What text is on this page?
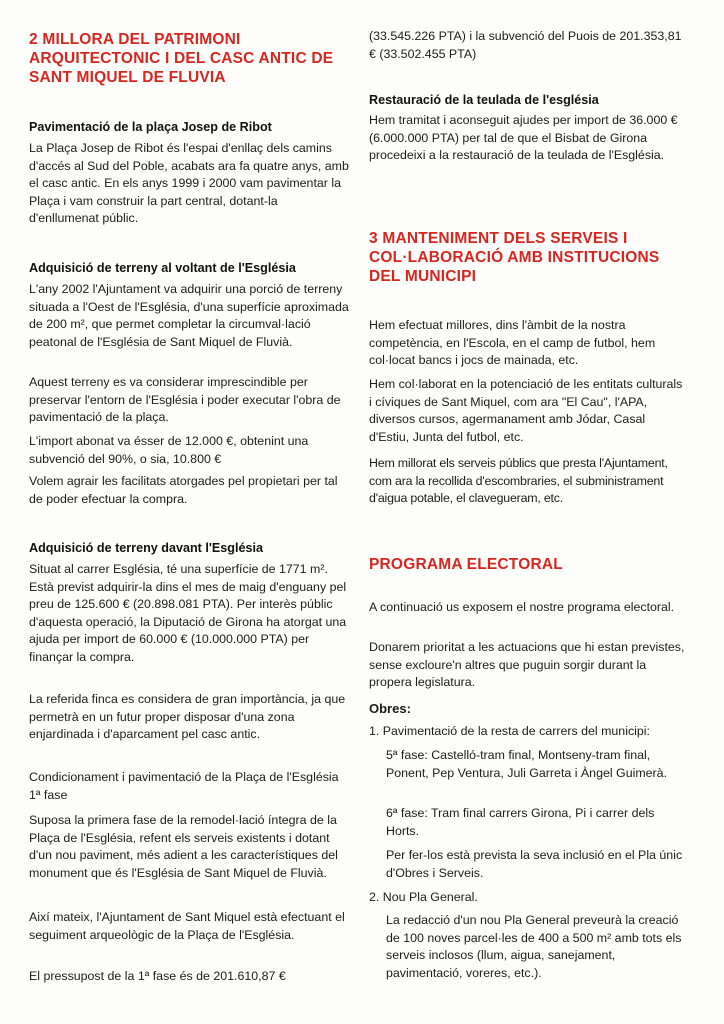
2 MILLORA DEL PATRIMONI ARQUITECTONIC I DEL CASC ANTIC DE SANT MIQUEL DE FLUVIA
Pavimentació de la plaça Josep de Ribot
La Plaça Josep de Ribot és l'espai d'enllaç dels camins d'accés al Sud del Poble, acabats ara fa quatre anys, amb el casc antic. En els anys 1999 i 2000 vam pavimentar la Plaça i vam construir la part central, dotant-la d'enllumenat públic.
Adquisició de terreny al voltant de l'Església
L'any 2002 l'Ajuntament va adquirir una porció de terreny situada a l'Oest de l'Església, d'una superfície aproximada de 200 m², que permet completar la circumval·lació peatonal de l'Església de Sant Miquel de Fluvià.
Aquest terreny es va considerar imprescindible per preservar l'entorn de l'Església i poder executar l'obra de pavimentació de la plaça.
L'import abonat va ésser de 12.000 €, obtenint una subvenció del 90%, o sia, 10.800 €
Volem agrair les facilitats atorgades pel propietari per tal de poder efectuar la compra.
Adquisició de terreny davant l'Església
Situat al carrer Església, té una superfície de 1771 m². Està previst adquirir-la dins el mes de maig d'enguany pel preu de 125.600 € (20.898.081 PTA). Per interès públic d'aquesta operació, la Diputació de Girona ha atorgat una ajuda per import de 60.000 € (10.000.000 PTA) per finançar la compra.
La referida finca es considera de gran importància, ja que permetrà en un futur proper disposar d'una zona enjardinada i d'aparcament pel casc antic.
Condicionament i pavimentació de la Plaça de l'Església 1ª fase
Suposa la primera fase de la remodel·lació íntegra de la Plaça de l'Església, refent els serveis existents i dotant d'un nou paviment, més adient a les característiques del monument que és l'Església de Sant Miquel de Fluvià.
Així mateix, l'Ajuntament de Sant Miquel està efectuant el seguiment arqueològic de la Plaça de l'Església.
El pressupost de la 1ª fase és de 201.610,87 €
(33.545.226 PTA) i la subvenció del Puois de 201.353,81 € (33.502.455 PTA)
Restauració de la teulada de l'església
Hem tramitat i aconseguit ajudes per import de 36.000 € (6.000.000 PTA) per tal de que el Bisbat de Girona procedeixi a la restauració de la teulada de l'Església.
3 MANTENIMENT DELS SERVEIS I COL·LABORACIÓ AMB INSTITUCIONS DEL MUNICIPI
Hem efectuat millores, dins l'àmbit de la nostra competència, en l'Escola, en el camp de futbol, hem col·locat bancs i jocs de mainada, etc.
Hem col·laborat en la potenciació de les entitats culturals i cíviques de Sant Miquel, com ara "El Cau", l'APA, diversos cursos, agermanament amb Jódar, Casal d'Estiu, Junta del futbol, etc.
Hem millorat els serveis públics que presta l'Ajuntament, com ara la recollida d'escombraries, el subministrament d'aigua potable, el clavegueram, etc.
PROGRAMA ELECTORAL
A continuació us exposem el nostre programa electoral.
Donarem prioritat a les actuacions que hi estan previstes, sense excloure'n altres que puguin sorgir durant la propera legislatura.
Obres:
1. Pavimentació de la resta de carrers del municipi:
5ª fase: Castelló-tram final, Montseny-tram final, Ponent, Pep Ventura, Juli Garreta i Àngel Guimerà.
6ª fase: Tram final carrers Girona, Pi i carrer dels Horts.
Per fer-los està prevista la seva inclusió en el Pla únic d'Obres i Serveis.
2. Nou Pla General.
La redacció d'un nou Pla General preveurà la creació de 100 noves parcel·les de 400 a 500 m² amb tots els serveis inclosos (llum, aigua, sanejament, pavimentació, voreres, etc.).
